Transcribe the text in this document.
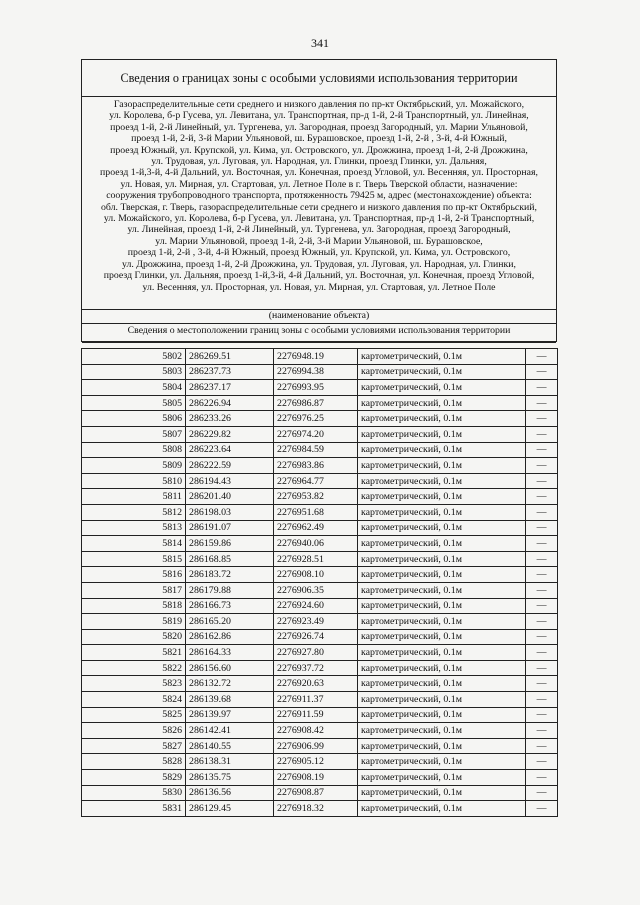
341
Сведения о границах зоны с особыми условиями использования территории
Газораспределительные сети среднего и низкого давления по пр-кт Октябрьский, ул. Можайского,
ул. Королева, б-р Гусева, ул. Левитана, ул. Транспортная, пр-д 1-й, 2-й Транспортный, ул. Линейная,
проезд 1-й, 2-й Линейный, ул. Тургенева, ул. Загородная, проезд Загородный, ул. Марии Ульяновой,
проезд 1-й, 2-й, 3-й Марии Ульяновой, ш. Бурашовское, проезд 1-й, 2-й , 3-й, 4-й Южный,
проезд Южный, ул. Крупской, ул. Кима, ул. Островского, ул. Дрожжина, проезд 1-й, 2-й Дрожжина,
ул. Трудовая, ул. Луговая, ул. Народная, ул. Глинки, проезд Глинки, ул. Дальняя,
проезд 1-й,3-й, 4-й Дальний, ул. Восточная, ул. Конечная, проезд Угловой, ул. Весенняя, ул. Просторная,
ул. Новая, ул. Мирная, ул. Стартовая, ул. Летное Поле в г. Тверь Тверской области, назначение:
сооружения трубопроводного транспорта, протяженность 79425 м, адрес (местонахождение) объекта:
обл. Тверская, г. Тверь, газораспределительные сети среднего и низкого давления по пр-кт Октябрьский,
ул. Можайского, ул. Королева, б-р Гусева, ул. Левитана, ул. Транспортная, пр-д 1-й, 2-й Транспортный,
ул. Линейная, проезд 1-й, 2-й Линейный, ул. Тургенева, ул. Загородная, проезд Загородный,
ул. Марии Ульяновой, проезд 1-й, 2-й, 3-й Марии Ульяновой, ш. Бурашовское,
проезд 1-й, 2-й , 3-й, 4-й Южный, проезд Южный, ул. Крупской, ул. Кима, ул. Островского,
ул. Дрожжина, проезд 1-й, 2-й Дрожжина, ул. Трудовая, ул. Луговая, ул. Народная, ул. Глинки,
проезд Глинки, ул. Дальняя, проезд 1-й,3-й, 4-й Дальний, ул. Восточная, ул. Конечная, проезд Угловой,
ул. Весенняя, ул. Просторная, ул. Новая, ул. Мирная, ул. Стартовая, ул. Летное Поле
(наименование объекта)
Сведения о местоположении границ зоны с особыми условиями использования территории
5802	286269.51	2276948.19	картометрический, 0.1м	—
5803	286237.73	2276994.38	картометрический, 0.1м	—
5804	286237.17	2276993.95	картометрический, 0.1м	—
5805	286226.94	2276986.87	картометрический, 0.1м	—
5806	286233.26	2276976.25	картометрический, 0.1м	—
5807	286229.82	2276974.20	картометрический, 0.1м	—
5808	286223.64	2276984.59	картометрический, 0.1м	—
5809	286222.59	2276983.86	картометрический, 0.1м	—
5810	286194.43	2276964.77	картометрический, 0.1м	—
5811	286201.40	2276953.82	картометрический, 0.1м	—
5812	286198.03	2276951.68	картометрический, 0.1м	—
5813	286191.07	2276962.49	картометрический, 0.1м	—
5814	286159.86	2276940.06	картометрический, 0.1м	—
5815	286168.85	2276928.51	картометрический, 0.1м	—
5816	286183.72	2276908.10	картометрический, 0.1м	—
5817	286179.88	2276906.35	картометрический, 0.1м	—
5818	286166.73	2276924.60	картометрический, 0.1м	—
5819	286165.20	2276923.49	картометрический, 0.1м	—
5820	286162.86	2276926.74	картометрический, 0.1м	—
5821	286164.33	2276927.80	картометрический, 0.1м	—
5822	286156.60	2276937.72	картометрический, 0.1м	—
5823	286132.72	2276920.63	картометрический, 0.1м	—
5824	286139.68	2276911.37	картометрический, 0.1м	—
5825	286139.97	2276911.59	картометрический, 0.1м	—
5826	286142.41	2276908.42	картометрический, 0.1м	—
5827	286140.55	2276906.99	картометрический, 0.1м	—
5828	286138.31	2276905.12	картометрический, 0.1м	—
5829	286135.75	2276908.19	картометрический, 0.1м	—
5830	286136.56	2276908.87	картометрический, 0.1м	—
5831	286129.45	2276918.32	картометрический, 0.1м	—
